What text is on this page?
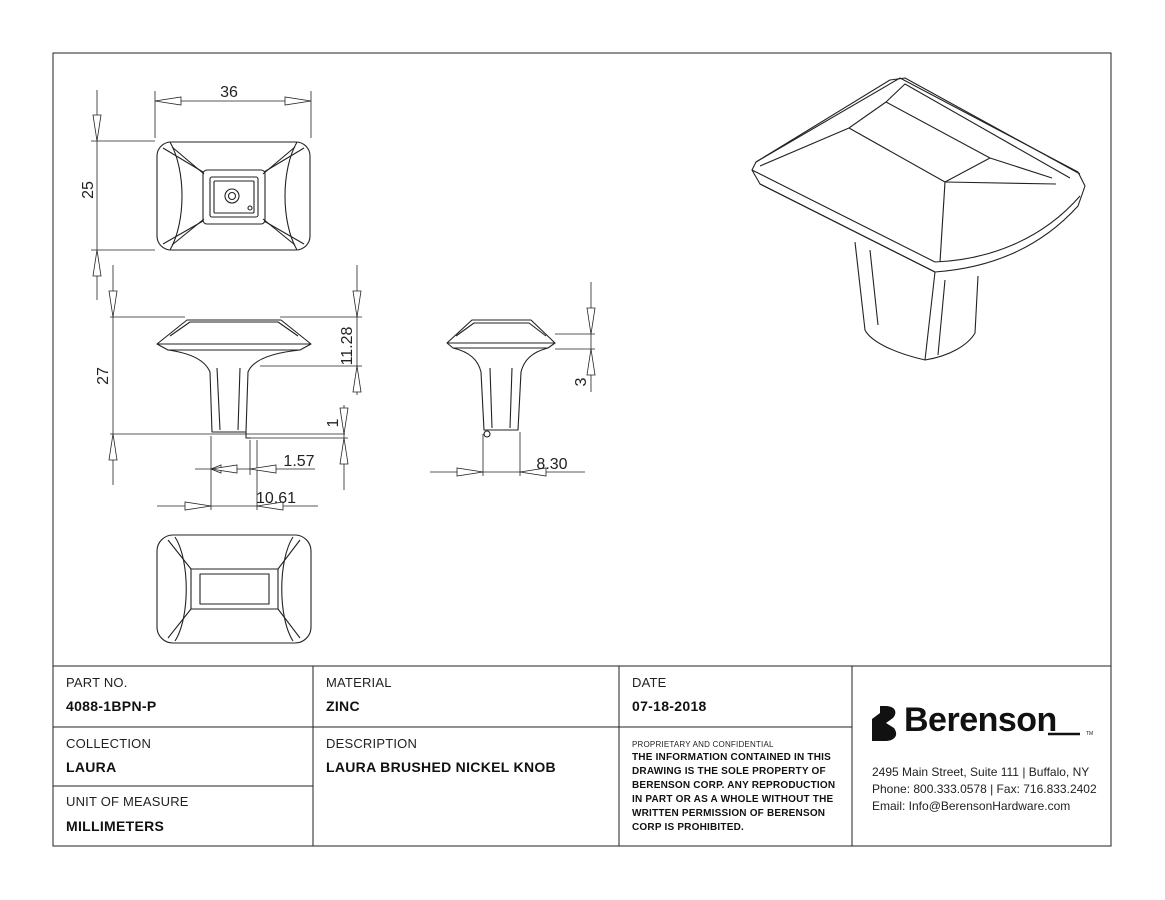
36
25
27
11.28
1
1.57
10.61
3
8.30
PART NO.
4088-1BPN-P
MATERIAL
ZINC
DATE
07-18-2018
COLLECTION
LAURA
DESCRIPTION
LAURA BRUSHED NICKEL KNOB
UNIT OF MEASURE
MILLIMETERS
PROPRIETARY AND CONFIDENTIAL
THE INFORMATION CONTAINED IN THIS DRAWING IS THE SOLE PROPERTY OF BERENSON CORP. ANY REPRODUCTION IN PART OR AS A WHOLE WITHOUT THE WRITTEN PERMISSION OF BERENSON CORP IS PROHIBITED.
Berenson	TM
2495 Main Street, Suite 111 | Buffalo, NY
Phone: 800.333.0578 | Fax: 716.833.2402
Email: Info@BerensonHardware.com
